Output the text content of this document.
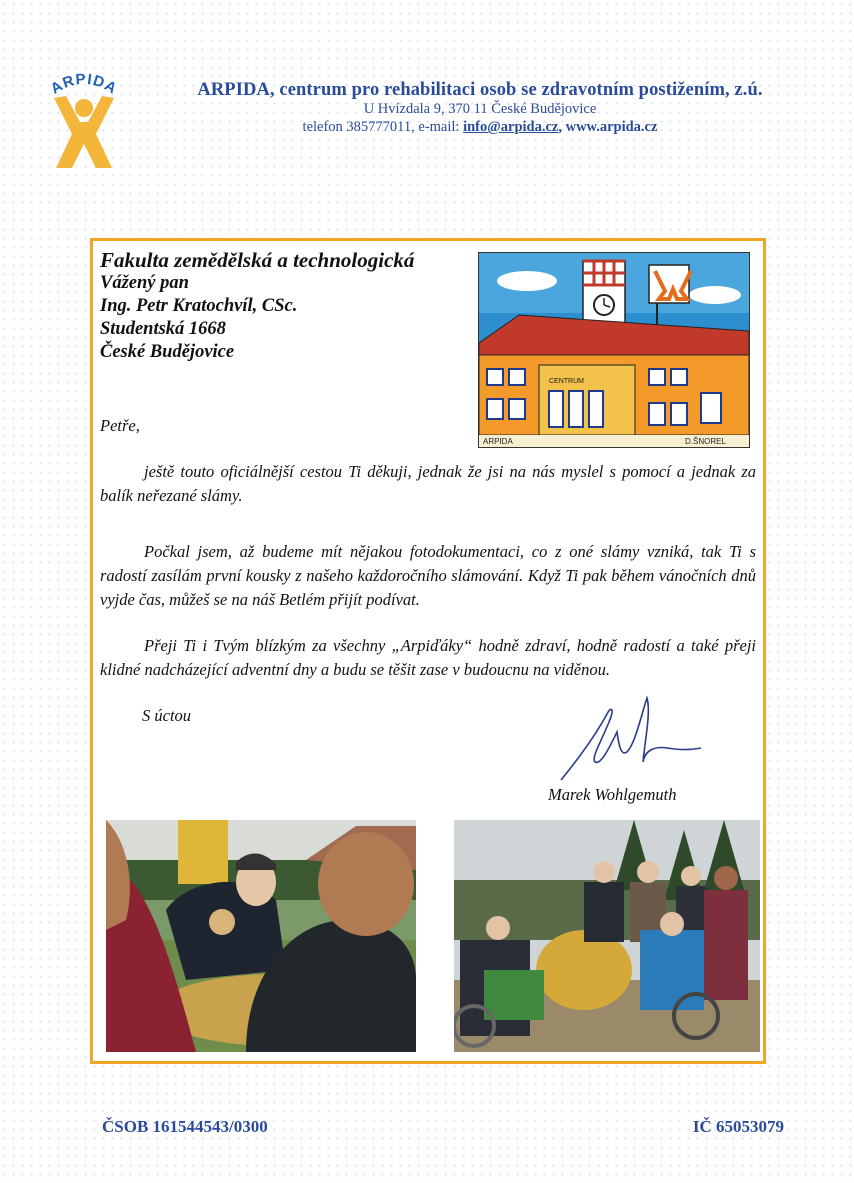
ARPIDA	ARPIDA, centrum pro rehabilitaci osob se zdravotním postižením, z.ú.
U Hvízdala 9, 370 11 České Budějovice
telefon 385777011, e-mail: info@arpida.cz, www.arpida.cz
Fakulta zemědělská a technologická
Vážený pan
Ing. Petr Kratochvíl, CSc.
Studentská 1668
České Budějovice
CENTRUM
ARPIDA	D.ŠNOREL
Petře,
ještě touto oficiálnější cestou Ti děkuji, jednak že jsi na nás myslel s pomocí a jednak za balík neřezané slámy.
Počkal jsem, až budeme mít nějakou fotodokumentaci, co z oné slámy vzniká, tak Ti s radostí zasílám první kousky z našeho každoročního slámování. Když Ti pak během vánočních dnů vyjde čas, můžeš se na náš Betlém přijít podívat.
Přeji Ti i Tvým blízkým za všechny „Arpiďáky“ hodně zdraví, hodně radostí a také přeji klidné nadcházející adventní dny a budu se těšit zase v budoucnu na viděnou.
S úctou
Marek Wohlgemuth
ČSOB 161544543/0300	IČ 65053079
